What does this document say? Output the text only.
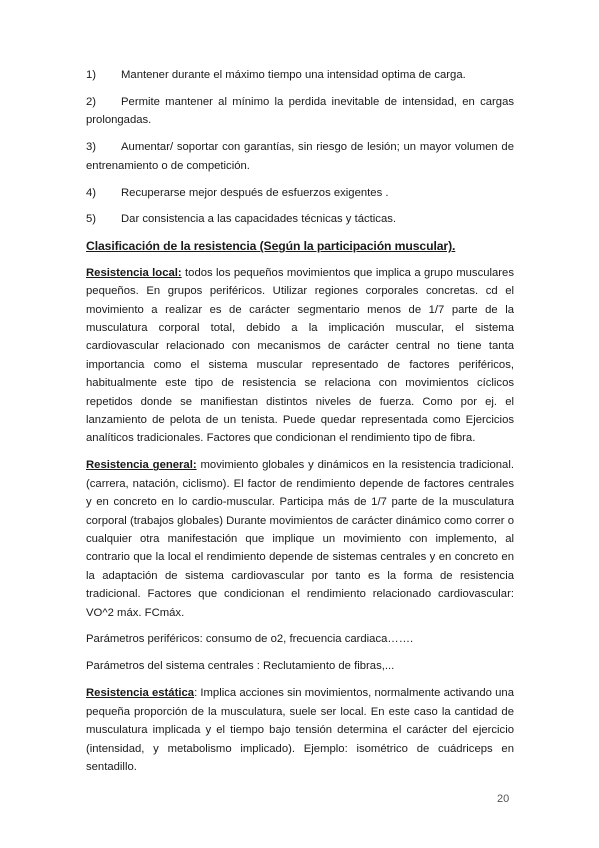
1)	Mantener durante el máximo tiempo una intensidad optima de carga.
2) Permite mantener al mínimo la perdida inevitable de intensidad, en cargas prolongadas.
3) Aumentar/ soportar con garantías, sin riesgo de lesión; un mayor volumen de entrenamiento o de competición.
4)	Recuperarse mejor después de esfuerzos exigentes .
5)	Dar consistencia a las capacidades técnicas y tácticas.
Clasificación de la resistencia (Según la participación muscular).

Resistencia local: todos los pequeños movimientos que implica a grupo musculares pequeños. En grupos periféricos. Utilizar regiones corporales concretas. cd el movimiento a realizar es de carácter segmentario menos de 1/7 parte de la musculatura corporal total, debido a la implicación muscular, el sistema cardiovascular relacionado con mecanismos de carácter central no tiene tanta importancia como el sistema muscular representado de factores periféricos, habitualmente este tipo de resistencia se relaciona con movimientos cíclicos repetidos donde se manifiestan distintos niveles de fuerza. Como por ej. el lanzamiento de pelota de un tenista. Puede quedar representada como Ejercicios analíticos tradicionales. Factores que condicionan el rendimiento tipo de fibra.

Resistencia general: movimiento globales y dinámicos en la resistencia tradicional. (carrera, natación, ciclismo). El factor de rendimiento depende de factores centrales y en concreto en lo cardio-muscular. Participa más de 1/7 parte de la musculatura corporal (trabajos globales) Durante movimientos de carácter dinámico como correr o cualquier otra manifestación que implique un movimiento con implemento, al contrario que la local el rendimiento depende de sistemas centrales y en concreto en la adaptación de sistema cardiovascular por tanto es la forma de resistencia tradicional. Factores que condicionan el rendimiento relacionado cardiovascular: VO^2 máx. FCmáx.

Parámetros periféricos: consumo de o2, frecuencia cardiaca…….

Parámetros del sistema centrales : Reclutamiento de fibras,...

Resistencia estática: Implica acciones sin movimientos, normalmente activando una pequeña proporción de la musculatura, suele ser local. En este caso la cantidad de musculatura implicada y el tiempo bajo tensión determina el carácter del ejercicio (intensidad, y metabolismo implicado). Ejemplo: isométrico de cuádriceps en sentadillo.

20
